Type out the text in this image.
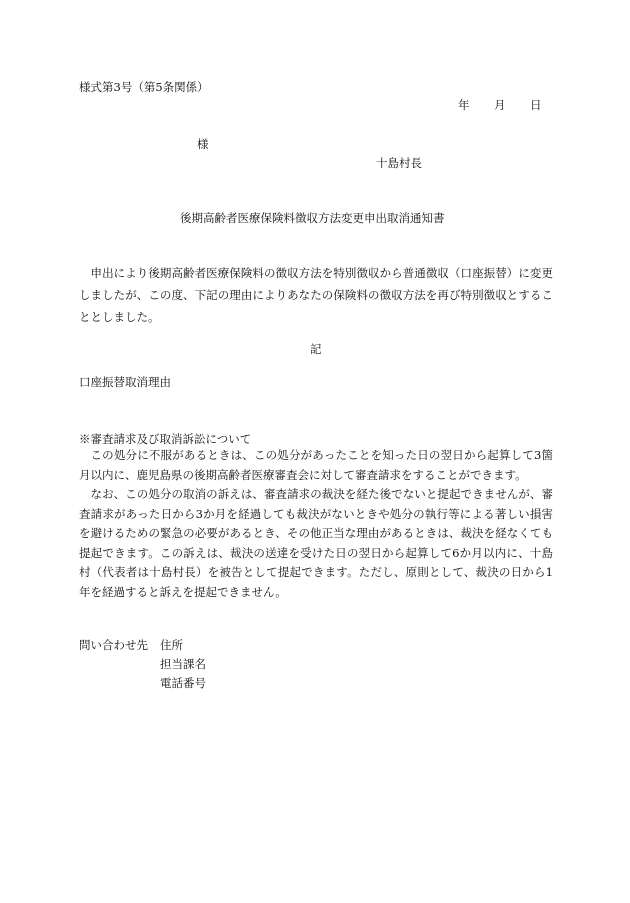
様式第3号（第5条関係）
年 月 日
様
十島村長
後期高齢者医療保険料徴収方法変更申出取消通知書
申出により後期高齢者医療保険料の徴収方法を特別徴収から普通徴収（口座振替）に変更しましたが、この度、下記の理由によりあなたの保険料の徴収方法を再び特別徴収とすることとしました。
記
口座振替取消理由
※審査請求及び取消訴訟について
この処分に不服があるときは、この処分があったことを知った日の翌日から起算して3箇月以内に、鹿児島県の後期高齢者医療審査会に対して審査請求をすることができます。
なお、この処分の取消の訴えは、審査請求の裁決を経た後でないと提起できませんが、審査請求があった日から3か月を経過しても裁決がないときや処分の執行等による著しい損害を避けるための緊急の必要があるとき、その他正当な理由があるときは、裁決を経なくても提起できます。この訴えは、裁決の送達を受けた日の翌日から起算して6か月以内に、十島村（代表者は十島村長）を被告として提起できます。ただし、原則として、裁決の日から1年を経過すると訴えを提起できません。
問い合わせ先 住所
担当課名
電話番号
